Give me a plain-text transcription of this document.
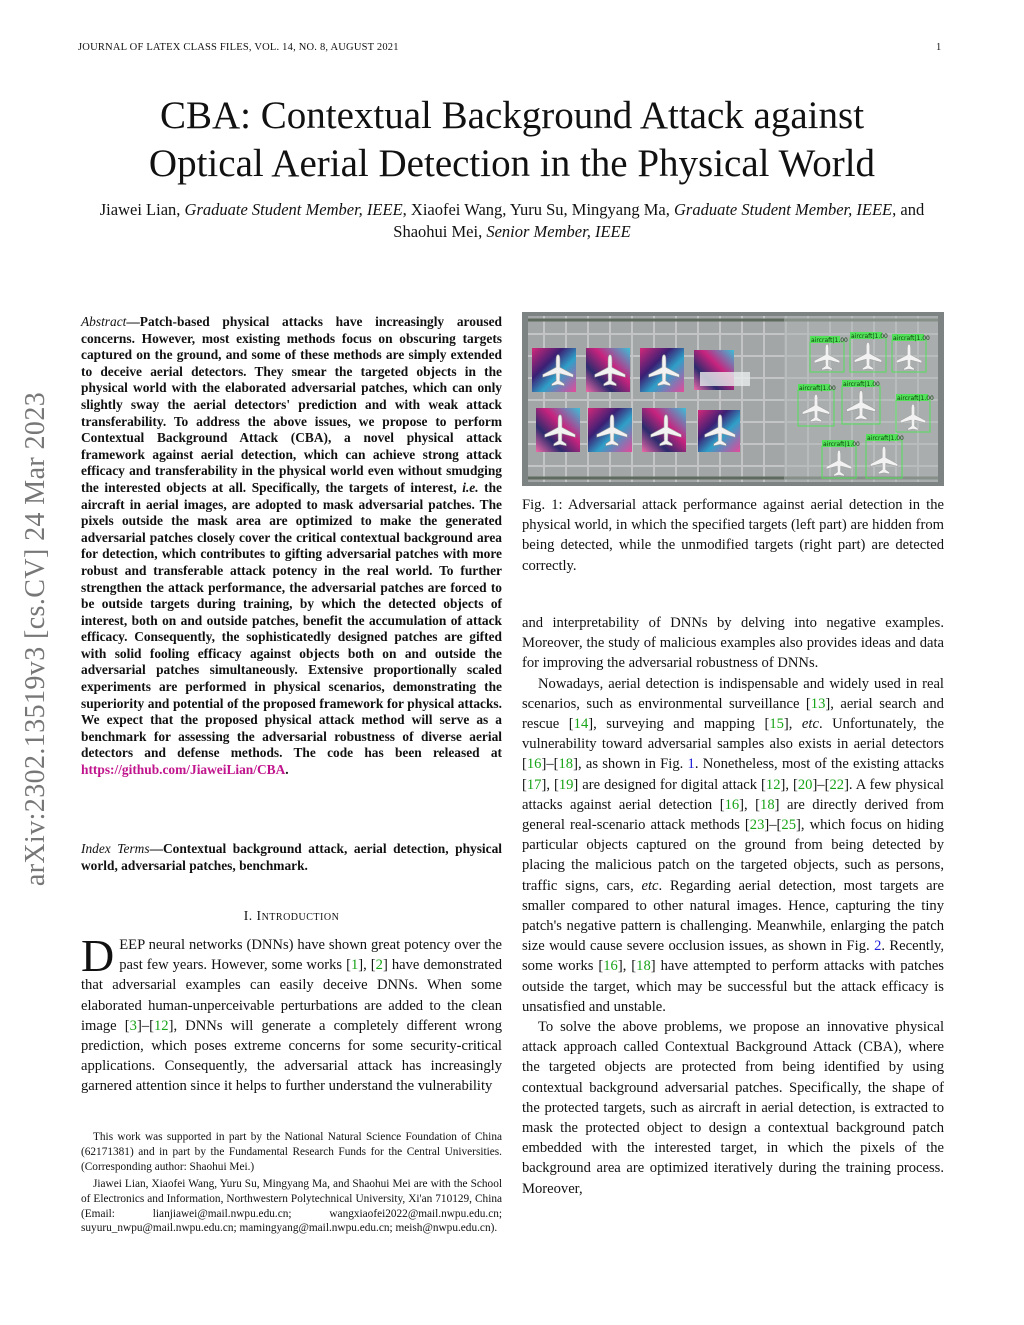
JOURNAL OF LATEX CLASS FILES, VOL. 14, NO. 8, AUGUST 2021	1
CBA: Contextual Background Attack against
Optical Aerial Detection in the Physical World
Jiawei Lian, Graduate Student Member, IEEE, Xiaofei Wang, Yuru Su, Mingyang Ma, Graduate Student Member, IEEE, and Shaohui Mei, Senior Member, IEEE
arXiv:2302.13519v3 [cs.CV] 24 Mar 2023
Abstract—Patch-based physical attacks have increasingly aroused concerns. However, most existing methods focus on obscuring targets captured on the ground, and some of these methods are simply extended to deceive aerial detectors. They smear the targeted objects in the physical world with the elaborated adversarial patches, which can only slightly sway the aerial detectors' prediction and with weak attack transferability. To address the above issues, we propose to perform Contextual Background Attack (CBA), a novel physical attack framework against aerial detection, which can achieve strong attack efficacy and transferability in the physical world even without smudging the interested objects at all. Specifically, the targets of interest, i.e. the aircraft in aerial images, are adopted to mask adversarial patches. The pixels outside the mask area are optimized to make the generated adversarial patches closely cover the critical contextual background area for detection, which contributes to gifting adversarial patches with more robust and transferable attack potency in the real world. To further strengthen the attack performance, the adversarial patches are forced to be outside targets during training, by which the detected objects of interest, both on and outside patches, benefit the accumulation of attack efficacy. Consequently, the sophisticatedly designed patches are gifted with solid fooling efficacy against objects both on and outside the adversarial patches simultaneously. Extensive proportionally scaled experiments are performed in physical scenarios, demonstrating the superiority and potential of the proposed framework for physical attacks. We expect that the proposed physical attack method will serve as a benchmark for assessing the adversarial robustness of diverse aerial detectors and defense methods. The code has been released at https://github.com/JiaweiLian/CBA.
Index Terms—Contextual background attack, aerial detection, physical world, adversarial patches, benchmark.
I. Introduction
DEEP neural networks (DNNs) have shown great potency over the past few years. However, some works [1], [2] have demonstrated that adversarial examples can easily deceive DNNs. When some elaborated human-unperceivable perturbations are added to the clean image [3]–[12], DNNs will generate a completely different wrong prediction, which poses extreme concerns for some security-critical applications. Consequently, the adversarial attack has increasingly garnered attention since it helps to further understand the vulnerability

This work was supported in part by the National Natural Science Foundation of China (62171381) and in part by the Fundamental Research Funds for the Central Universities. (Corresponding author: Shaohui Mei.)

Jiawei Lian, Xiaofei Wang, Yuru Su, Mingyang Ma, and Shaohui Mei are with the School of Electronics and Information, Northwestern Polytechnical University, Xi'an 710129, China (Email: lianjiawei@mail.nwpu.edu.cn; wangxiaofei2022@mail.nwpu.edu.cn; suyuru_nwpu@mail.nwpu.edu.cn; mamingyang@mail.nwpu.edu.cn; meish@nwpu.edu.cn).

aircraft|1.00
aircraft|1.00 aircraft|1.00
aircraft|1.00
aircraft|1.00
aircraft|1.00
aircraft|1.00
aircraft|1.00
Fig. 1: Adversarial attack performance against aerial detection in the physical world, in which the specified targets (left part) are hidden from being detected, while the unmodified targets (right part) are detected correctly.

and interpretability of DNNs by delving into negative examples. Moreover, the study of malicious examples also provides ideas and data for improving the adversarial robustness of DNNs.

Nowadays, aerial detection is indispensable and widely used in real scenarios, such as environmental surveillance [13], aerial search and rescue [14], surveying and mapping [15], etc. Unfortunately, the vulnerability toward adversarial samples also exists in aerial detectors [16]–[18], as shown in Fig. 1. Nonetheless, most of the existing attacks [17], [19] are designed for digital attack [12], [20]–[22]. A few physical attacks against aerial detection [16], [18] are directly derived from general real-scenario attack methods [23]–[25], which focus on hiding particular objects captured on the ground from being detected by placing the malicious patch on the targeted objects, such as persons, traffic signs, cars, etc. Regarding aerial detection, most targets are smaller compared to other natural images. Hence, capturing the tiny patch's negative pattern is challenging. Meanwhile, enlarging the patch size would cause severe occlusion issues, as shown in Fig. 2. Recently, some works [16], [18] have attempted to perform attacks with patches outside the target, which may be successful but the attack efficacy is unsatisfied and unstable.

To solve the above problems, we propose an innovative physical attack approach called Contextual Background Attack (CBA), where the targeted objects are protected from being identified by using contextual background adversarial patches. Specifically, the shape of the protected targets, such as aircraft in aerial detection, is extracted to mask the protected object to design a contextual background patch embedded with the interested target, in which the pixels of the background area are optimized iteratively during the training process. Moreover,
